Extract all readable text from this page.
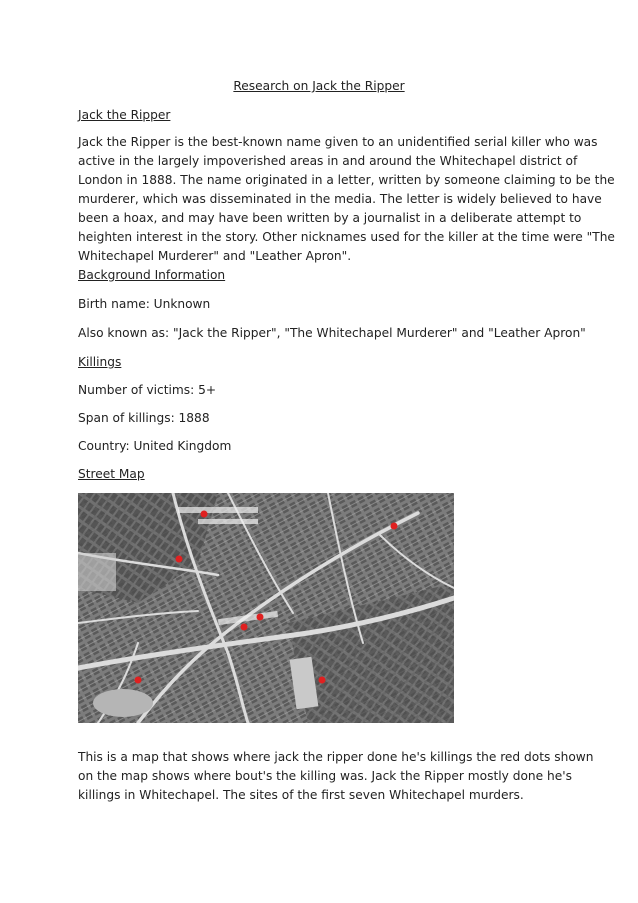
Research on Jack the Ripper
Jack the Ripper
Jack the Ripper is the best-known name given to an unidentified serial killer who was
active in the largely impoverished areas in and around the Whitechapel district of
London in 1888. The name originated in a letter, written by someone claiming to be the
murderer, which was disseminated in the media. The letter is widely believed to have
been a hoax, and may have been written by a journalist in a deliberate attempt to
heighten interest in the story. Other nicknames used for the killer at the time were "The
Whitechapel Murderer" and "Leather Apron".
Background Information
Birth name: Unknown
Also known as: "Jack the Ripper", "The Whitechapel Murderer" and "Leather Apron"
Killings
Number of victims: 5+
Span of killings: 1888
Country: United Kingdom
Street Map
This is a map that shows where jack the ripper done he's killings the red dots shown
on the map shows where bout's the killing was. Jack the Ripper mostly done he's
killings in Whitechapel. The sites of the first seven Whitechapel murders.
